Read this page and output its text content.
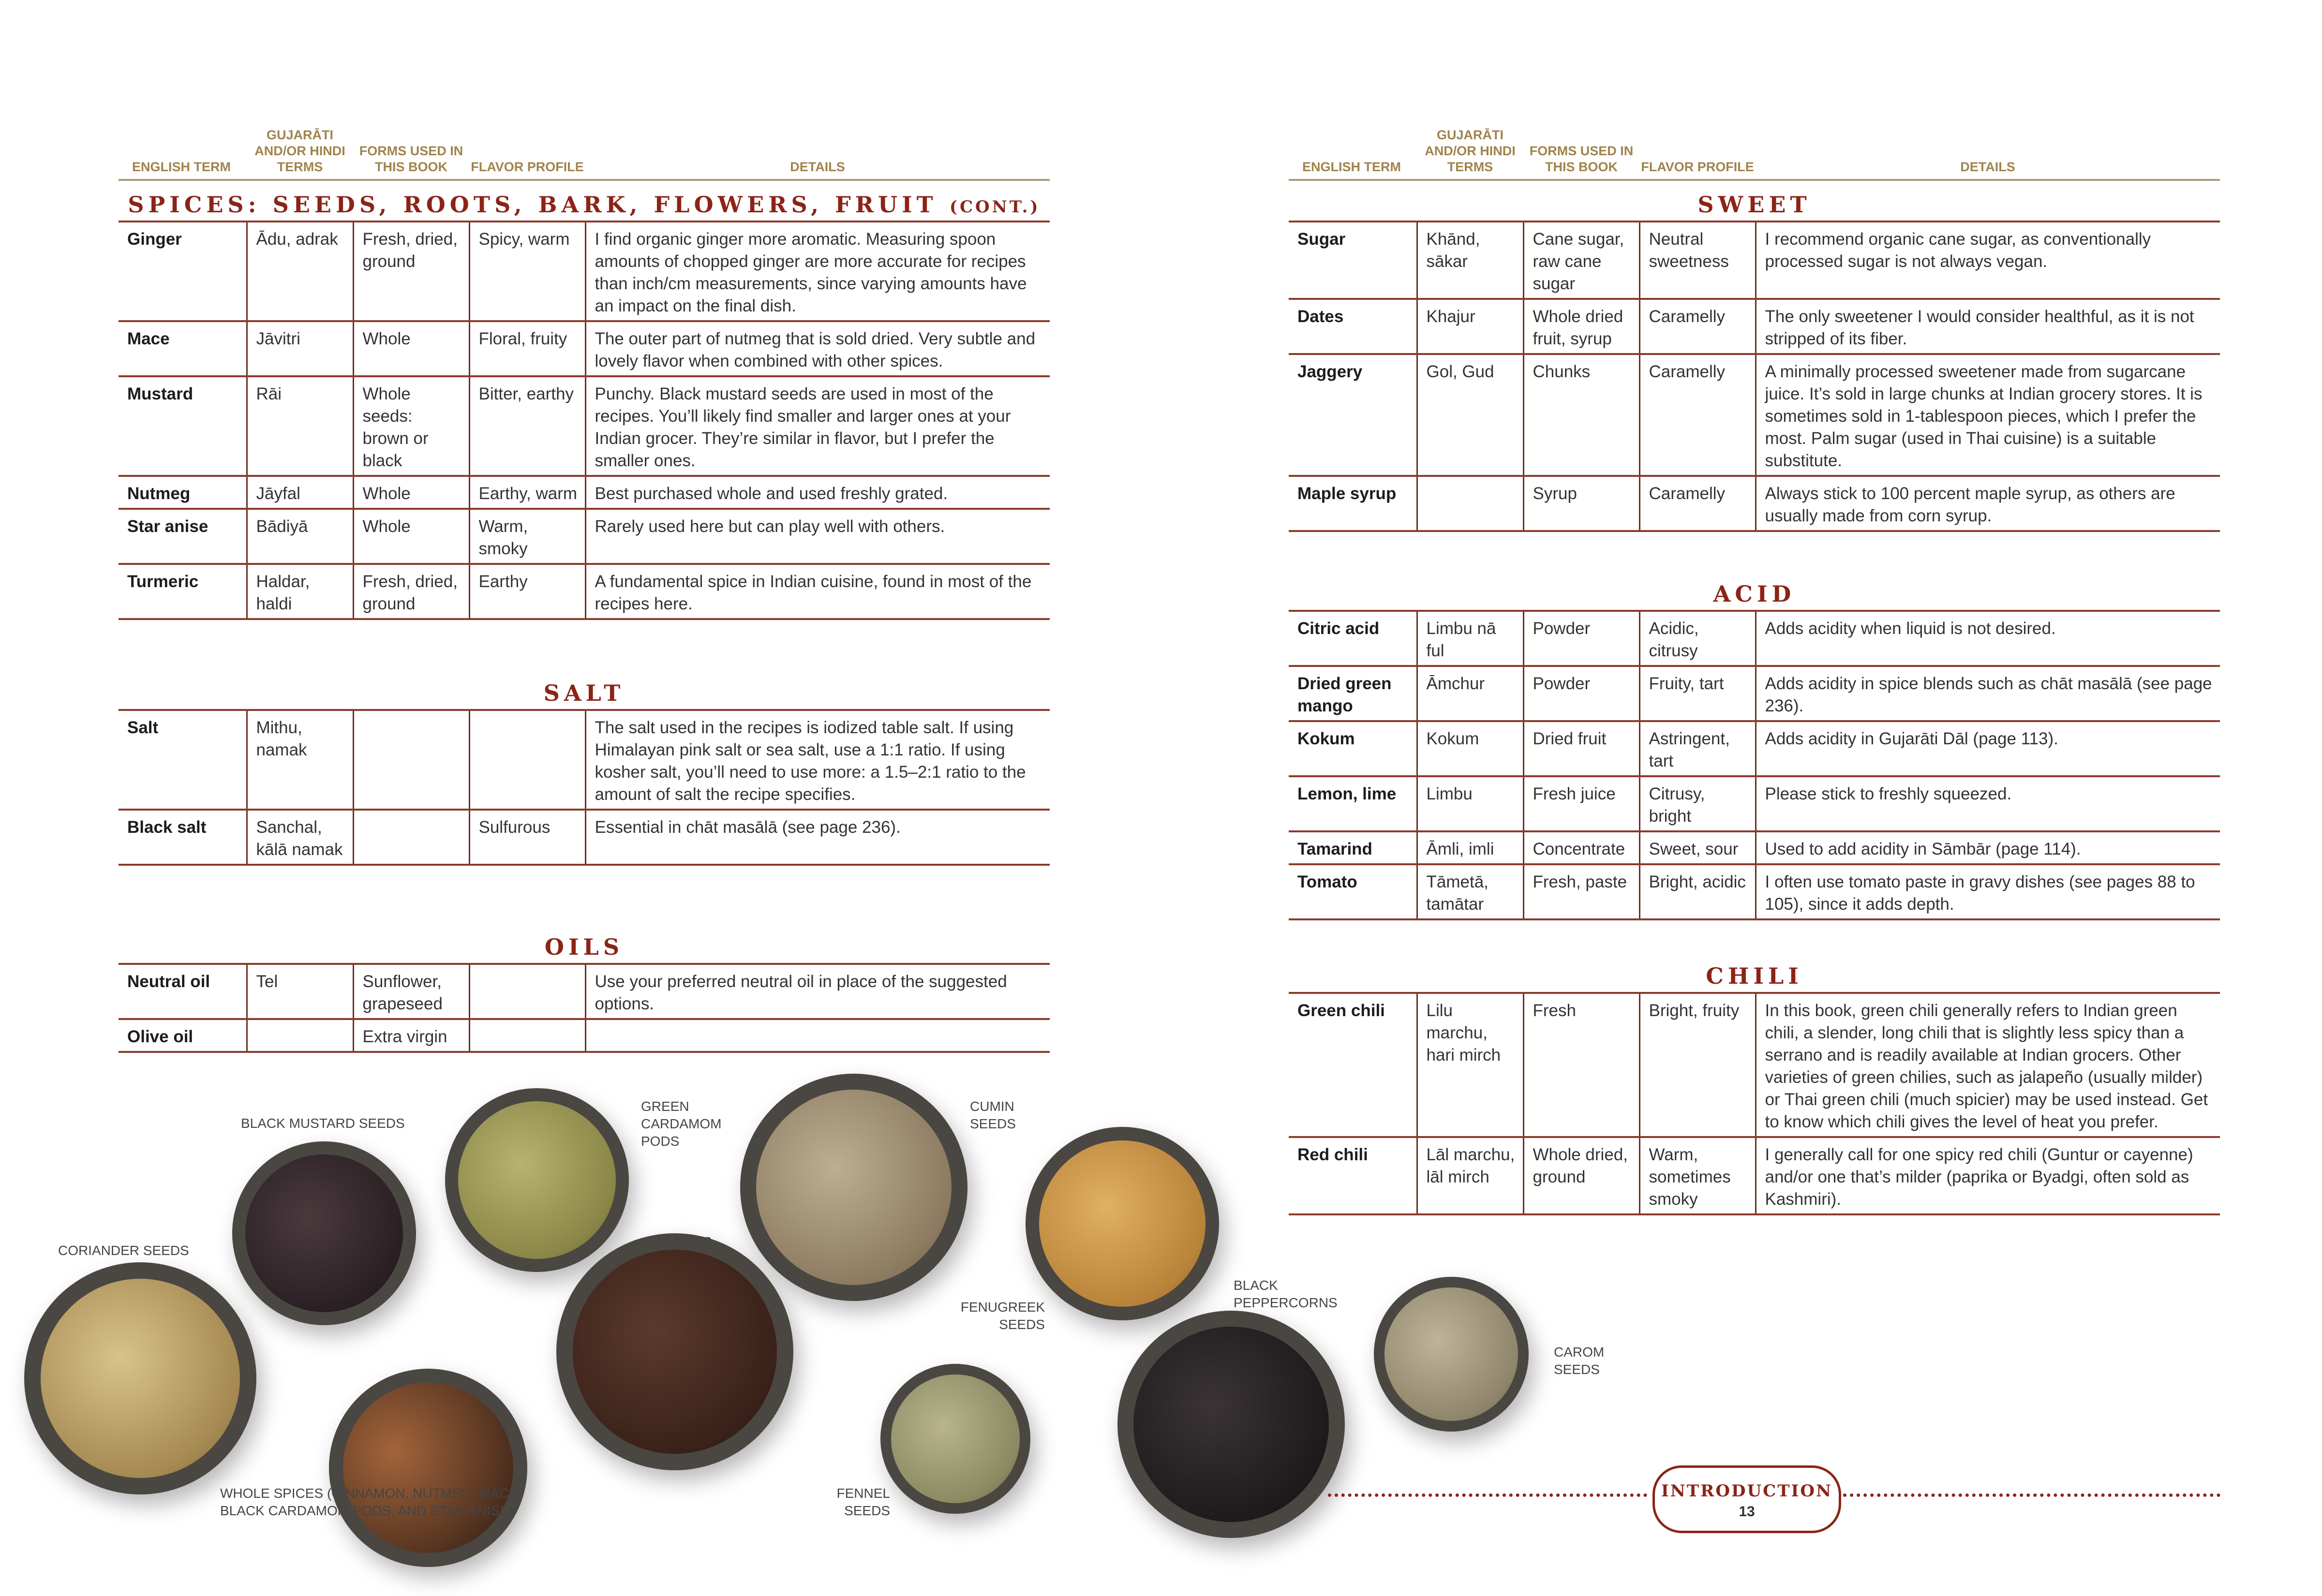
ENGLISH TERM
GUJARĀTI AND/OR HINDI TERMS
FORMS USED IN THIS BOOK	FLAVOR PROFILE	DETAILS
SPICES: SEEDS, ROOTS, BARK, FLOWERS, FRUIT (CONT.)
Ginger	Ādu, adrak	Fresh, dried, ground	Spicy, warm	I find organic ginger more aromatic. Measuring spoon amounts of chopped ginger are more accurate for recipes than inch/cm measurements, since varying amounts have an impact on the final dish.
Mace	Jāvitri	Whole	Floral, fruity	The outer part of nutmeg that is sold dried. Very subtle and lovely flavor when combined with other spices.
Mustard	Rāi	Whole seeds: brown or black	Bitter, earthy	Punchy. Black mustard seeds are used in most of the recipes. You’ll likely find smaller and larger ones at your Indian grocer. They’re similar in flavor, but I prefer the smaller ones.
Nutmeg	Jāyfal	Whole	Earthy, warm	Best purchased whole and used freshly grated.
Star anise	Bādiyā	Whole	Warm, smoky	Rarely used here but can play well with others.
Turmeric	Haldar, haldi	Fresh, dried, ground	Earthy	A fundamental spice in Indian cuisine, found in most of the recipes here.
SALT
Salt	Mithu, namak			The salt used in the recipes is iodized table salt. If using Himalayan pink salt or sea salt, use a 1:1 ratio. If using kosher salt, you’ll need to use more: a 1.5–2:1 ratio to the amount of salt the recipe specifies.
Black salt	Sanchal, kālā namak		Sulfurous	Essential in chāt masālā (see page 236).
OILS
Neutral oil	Tel	Sunflower, grapeseed		Use your preferred neutral oil in place of the suggested options.
Olive oil		Extra virgin		
ENGLISH TERM
GUJARĀTI AND/OR HINDI TERMS
FORMS USED IN THIS BOOK	FLAVOR PROFILE	DETAILS
SWEET
Sugar	Khānd, sākar	Cane sugar, raw cane sugar	Neutral sweetness	I recommend organic cane sugar, as conventionally processed sugar is not always vegan.
Dates	Khajur	Whole dried fruit, syrup	Caramelly	The only sweetener I would consider healthful, as it is not stripped of its fiber.
Jaggery	Gol, Gud	Chunks	Caramelly	A minimally processed sweetener made from sugarcane juice. It’s sold in large chunks at Indian grocery stores. It is sometimes sold in 1-tablespoon pieces, which I prefer the most. Palm sugar (used in Thai cuisine) is a suitable substitute.
Maple syrup		Syrup	Caramelly	Always stick to 100 percent maple syrup, as others are usually made from corn syrup.
ACID
Citric acid	Limbu nā ful	Powder	Acidic, citrusy	Adds acidity when liquid is not desired.
Dried green mango	Āmchur	Powder	Fruity, tart	Adds acidity in spice blends such as chāt masālā (see page 236).
Kokum	Kokum	Dried fruit	Astringent, tart	Adds acidity in Gujarāti Dāl (page 113).
Lemon, lime	Limbu	Fresh juice	Citrusy, bright	Please stick to freshly squeezed.
Tamarind	Āmli, imli	Concentrate	Sweet, sour	Used to add acidity in Sāmbār (page 114).
Tomato	Tāmetā, tamātar	Fresh, paste	Bright, acidic	I often use tomato paste in gravy dishes (see pages 88 to 105), since it adds depth.
CHILI
Green chili	Lilu marchu, hari mirch	Fresh	Bright, fruity	In this book, green chili generally refers to Indian green chili, a slender, long chili that is slightly less spicy than a serrano and is readily available at Indian grocers. Other varieties of green chilies, such as jalapeño (usually milder) or Thai green chili (much spicier) may be used instead. Get to know which chili gives the level of heat you prefer.
Red chili	Lāl marchu, lāl mirch	Whole dried, ground	Warm, sometimes smoky	I generally call for one spicy red chili (Guntur or cayenne) and/or one that’s milder (paprika or Byadgi, often sold as Kashmiri).
BLACK MUSTARD SEEDS
GREEN CARDAMOM PODS
CUMIN SEEDS
CORIANDER SEEDS
CLOVES
FENUGREEK SEEDS
BLACK PEPPERCORNS
WHOLE SPICES (CINNAMON, NUTMEG, MACE, BLACK CARDAMOM PODS, AND STAR ANISE)
FENNEL SEEDS
CAROM SEEDS
INTRODUCTION
13
